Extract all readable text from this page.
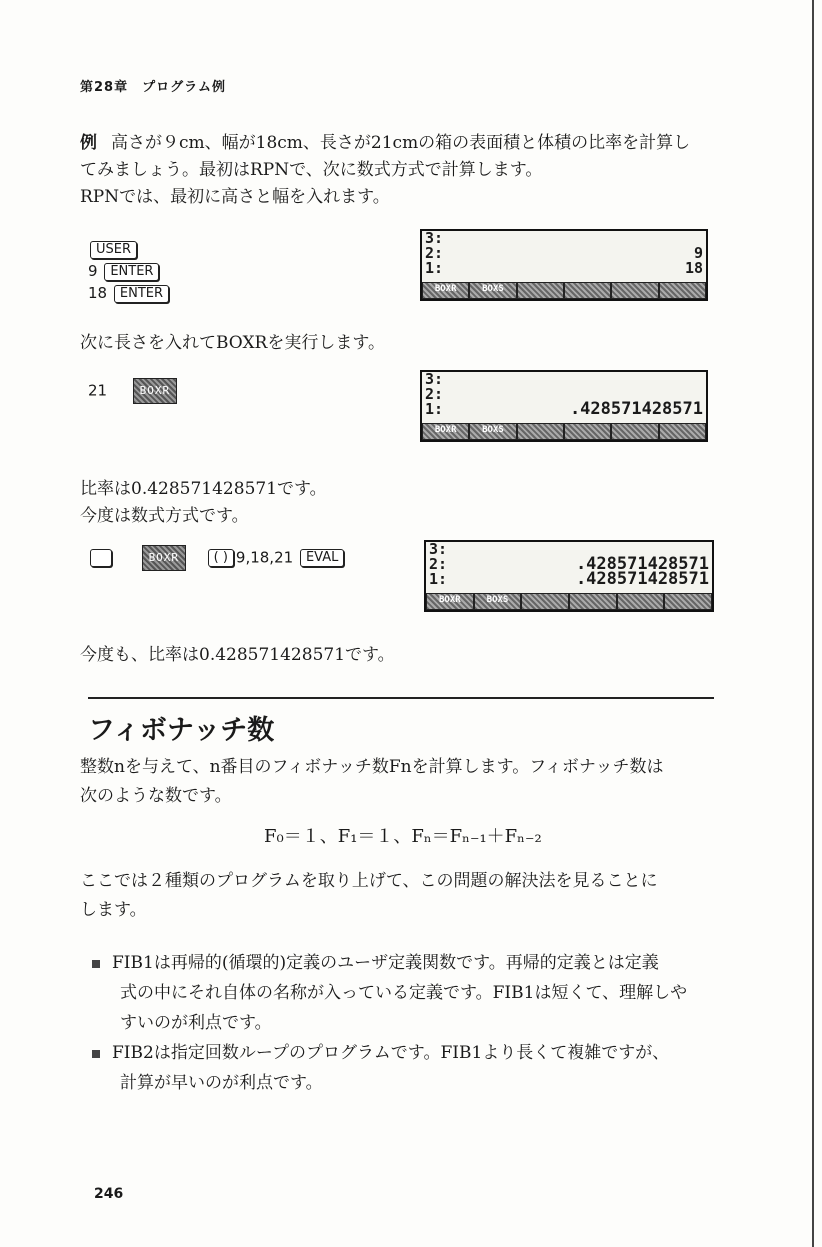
第28章　プログラム例
例 高さが９cm、幅が18cm、長さが21cmの箱の表面積と体積の比率を計算し
てみましょう。最初はRPNで、次に数式方式で計算します。
RPNでは、最初に高さと幅を入れます。
USER
9 ENTER
18 ENTER
3:
2:	9
1:	18
BOXR	BOXS
次に長さを入れてBOXRを実行します。
21	BOXR
3:
2:
1:	.428571428571
BOXR	BOXS
比率は0.428571428571です。
今度は数式方式です。
BOXR	( ) 9,18,21 EVAL	3:
2:	.428571428571
1:	.428571428571
BOXR	BOXS
今度も、比率は0.428571428571です。
フィボナッチ数
整数nを与えて、n番目のフィボナッチ数Fnを計算します。フィボナッチ数は
次のような数です。
F₀＝１、F₁＝１、Fₙ＝Fₙ₋₁＋Fₙ₋₂
ここでは２種類のプログラムを取り上げて、この問題の解決法を見ることに
します。
FIB1は再帰的(循環的)定義のユーザ定義関数です。再帰的定義とは定義
式の中にそれ自体の名称が入っている定義です。FIB1は短くて、理解しや
すいのが利点です。
FIB2は指定回数ループのプログラムです。FIB1より長くて複雑ですが、
計算が早いのが利点です。
246
